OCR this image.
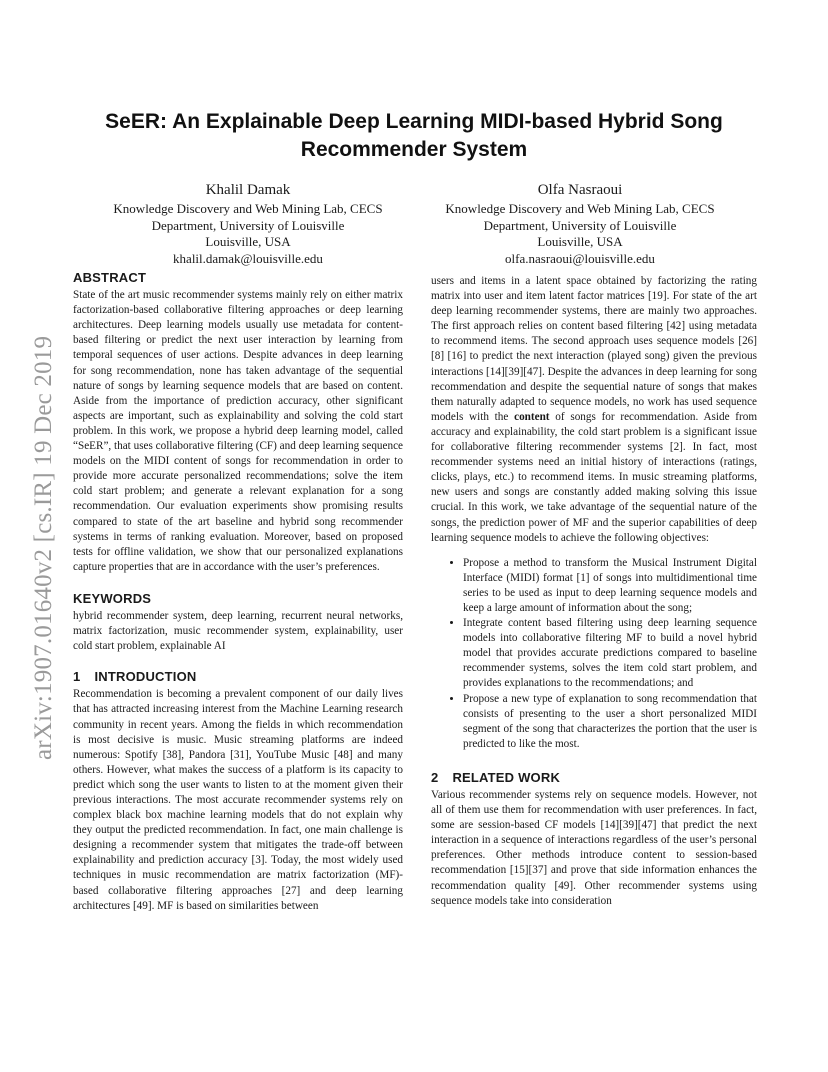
arXiv:1907.01640v2 [cs.IR] 19 Dec 2019
SeER: An Explainable Deep Learning MIDI-based Hybrid Song
Recommender System
Khalil Damak
Knowledge Discovery and Web Mining Lab, CECS
Department, University of Louisville
Louisville, USA
khalil.damak@louisville.edu
Olfa Nasraoui
Knowledge Discovery and Web Mining Lab, CECS
Department, University of Louisville
Louisville, USA
olfa.nasraoui@louisville.edu
ABSTRACT

State of the art music recommender systems mainly rely on either matrix factorization-based collaborative filtering approaches or deep learning architectures. Deep learning models usually use metadata for content-based filtering or predict the next user interaction by learning from temporal sequences of user actions. Despite advances in deep learning for song recommendation, none has taken advantage of the sequential nature of songs by learning sequence models that are based on content. Aside from the importance of prediction accuracy, other significant aspects are important, such as explainability and solving the cold start problem. In this work, we propose a hybrid deep learning model, called “SeER”, that uses collaborative filtering (CF) and deep learning sequence models on the MIDI content of songs for recommendation in order to provide more accurate personalized recommendations; solve the item cold start problem; and generate a relevant explanation for a song recommendation. Our evaluation experiments show promising results compared to state of the art baseline and hybrid song recommender systems in terms of ranking evaluation. Moreover, based on proposed tests for offline validation, we show that our personalized explanations capture properties that are in accordance with the user’s preferences.

KEYWORDS

hybrid recommender system, deep learning, recurrent neural networks, matrix factorization, music recommender system, explainability, user cold start problem, explainable AI

1 INTRODUCTION

Recommendation is becoming a prevalent component of our daily lives that has attracted increasing interest from the Machine Learning research community in recent years. Among the fields in which recommendation is most decisive is music. Music streaming platforms are indeed numerous: Spotify [38], Pandora [31], YouTube Music [48] and many others. However, what makes the success of a platform is its capacity to predict which song the user wants to listen to at the moment given their previous interactions. The most accurate recommender systems rely on complex black box machine learning models that do not explain why they output the predicted recommendation. In fact, one main challenge is designing a recommender system that mitigates the trade-off between explainability and prediction accuracy [3]. Today, the most widely used techniques in music recommendation are matrix factorization (MF)-based collaborative filtering approaches [27] and deep learning architectures [49]. MF is based on similarities between

users and items in a latent space obtained by factorizing the rating matrix into user and item latent factor matrices [19]. For state of the art deep learning recommender systems, there are mainly two approaches. The first approach relies on content based filtering [42] using metadata to recommend items. The second approach uses sequence models [26] [8] [16] to predict the next interaction (played song) given the previous interactions [14][39][47]. Despite the advances in deep learning for song recommendation and despite the sequential nature of songs that makes them naturally adapted to sequence models, no work has used sequence models with the content of songs for recommendation. Aside from accuracy and explainability, the cold start problem is a significant issue for collaborative filtering recommender systems [2]. In fact, most recommender systems need an initial history of interactions (ratings, clicks, plays, etc.) to recommend items. In music streaming platforms, new users and songs are constantly added making solving this issue crucial. In this work, we take advantage of the sequential nature of the songs, the prediction power of MF and the superior capabilities of deep learning sequence models to achieve the following objectives:

• Propose a method to transform the Musical Instrument Digital Interface (MIDI) format [1] of songs into multidimentional time series to be used as input to deep learning sequence models and keep a large amount of information about the song;
• Integrate content based filtering using deep learning sequence models into collaborative filtering MF to build a novel hybrid model that provides accurate predictions compared to baseline recommender systems, solves the item cold start problem, and provides explanations to the recommendations; and
• Propose a new type of explanation to song recommendation that consists of presenting to the user a short personalized MIDI segment of the song that characterizes the portion that the user is predicted to like the most.
2 RELATED WORK

Various recommender systems rely on sequence models. However, not all of them use them for recommendation with user preferences. In fact, some are session-based CF models [14][39][47] that predict the next interaction in a sequence of interactions regardless of the user’s personal preferences. Other methods introduce content to session-based recommendation [15][37] and prove that side information enhances the recommendation quality [49]. Other recommender systems using sequence models take into consideration
